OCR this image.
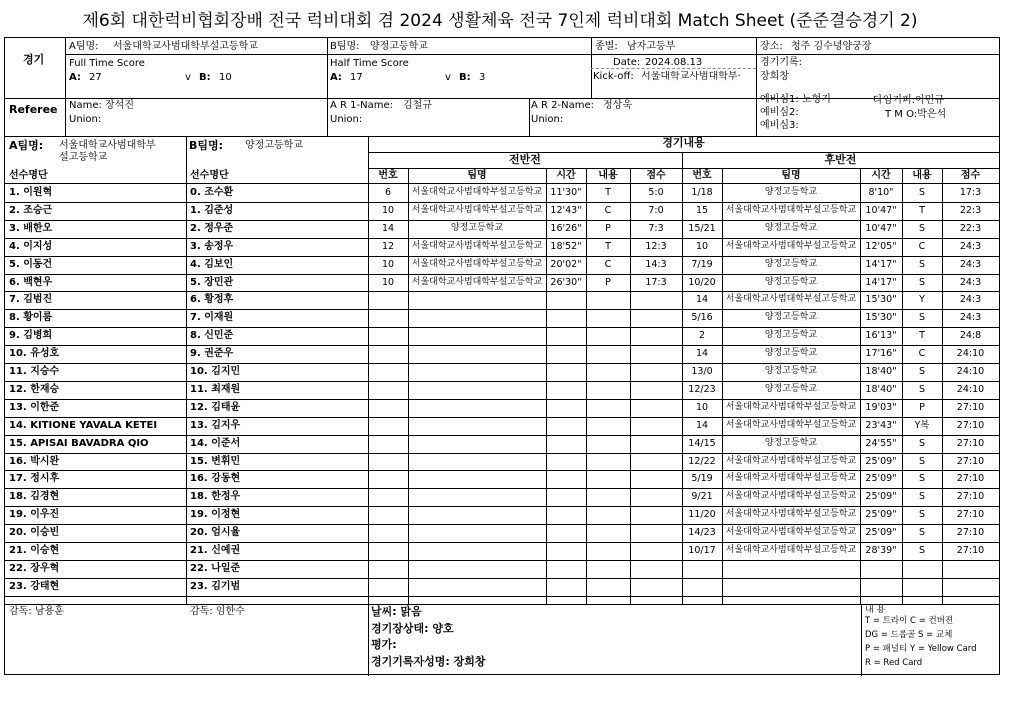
제6회 대한럭비협회장배 전국 럭비대회 겸 2024 생활체육 전국 7인제 럭비대회 Match Sheet (준준결승경기 2)
경기
A팀명: 서울대학교사범대학부설고등학교	B팀명: 양정고등학교	종별: 남자고등부	장소: 청주 김수녕양궁장
Full Time Score
A: 27	v B: 10
Half Time Score
A: 17	v B: 3
Date: 2024.08.13
Kick-off: 서울대학교사범대학부·
경기기록:
장희창
Referee Name: 장석진
Union:
A R 1-Name: 김철규
Union:
A R 2-Name: 정상욱
Union:
예비심1: 노형기
예비심2:
예비심3:
타임키퍼:이민규
T M O:박은석
A팀명: 서울대학교사범대학부
설고등학교
B팀명: 양정고등학교
감독: 남용훈	감독: 임한수	날씨: 맑음
경기장상태: 양호
평가:
경기기록자성명: 장희창
내 용
선수명단	선수명단
경기내용
전반전	후반전
번호	팀명	시간	내용	점수	번호	팀명	시간	내용	점수
1. 이원혁	0. 조수환
2. 조승근	1. 김준성
3. 배한오	2. 정우준
4. 이지성	3. 송정우
5. 이동건	4. 김보인
6. 백현우	5. 장민관
7. 김범진	6. 황정후
8. 황이룸	7. 이재원
9. 김병희	8. 신민준
10. 유성호	9. 권준우
11. 지승수	10. 김지민
12. 한재승	11. 최재원
13. 이한준	12. 김태윤
14. KITIONE YAVALA KETEI	13. 김지우
15. APISAI BAVADRA QIO	14. 이준서
16. 박시완	15. 변휘민
17. 정시후	16. 강동현
18. 김경현	18. 한정우
19. 이우진	19. 이정현
20. 이승빈	20. 엄시율
21. 이승현	21. 신예권
22. 장우혁	22. 나일준
23. 강태현	23. 김기범
6	서울대학교사범대학부설고등학교 11'30"	T	5:0
10	서울대학교사범대학부설고등학교 12'43"	C	7:0
14	양정고등학교	16'26"	P	7:3
12	서울대학교사범대학부설고등학교 18'52"	T	12:3
10	서울대학교사범대학부설고등학교 20'02"	C	14:3
10	서울대학교사범대학부설고등학교 26'30"	P	17:3
1/18	양정고등학교	8'10"	S	17:3
15	서울대학교사범대학부설고등학교 10'47"	T	22:3
15/21	양정고등학교	10'47"	S	22:3
10	서울대학교사범대학부설고등학교 12'05"	C	24:3
7/19	양정고등학교	14'17"	S	24:3
10/20	양정고등학교	14'17"	S	24:3
14	서울대학교사범대학부설고등학교 15'30"	Y	24:3
5/16	양정고등학교	15'30"	S	24:3
2	양정고등학교	16'13"	T	24:8
14	양정고등학교	17'16"	C	24:10
13/0	양정고등학교	18'40"	S	24:10
12/23	양정고등학교	18'40"	S	24:10
10	서울대학교사범대학부설고등학교 19'03"	P	27:10
14	서울대학교사범대학부설고등학교 23'43"	Y복	27:10
14/15	양정고등학교	24'55"	S	27:10
12/22	서울대학교사범대학부설고등학교 25'09"	S	27:10
5/19	서울대학교사범대학부설고등학교 25'09"	S	27:10
9/21	서울대학교사범대학부설고등학교 25'09"	S	27:10
11/20	서울대학교사범대학부설고등학교 25'09"	S	27:10
14/23	서울대학교사범대학부설고등학교 25'09"	S	27:10
10/17	서울대학교사범대학부설고등학교 28'39"	S	27:10
T = 트라이 C = 컨버젼
DG = 드롭골 S = 교체
P = 패널티 Y = Yellow Card
R = Red Card
